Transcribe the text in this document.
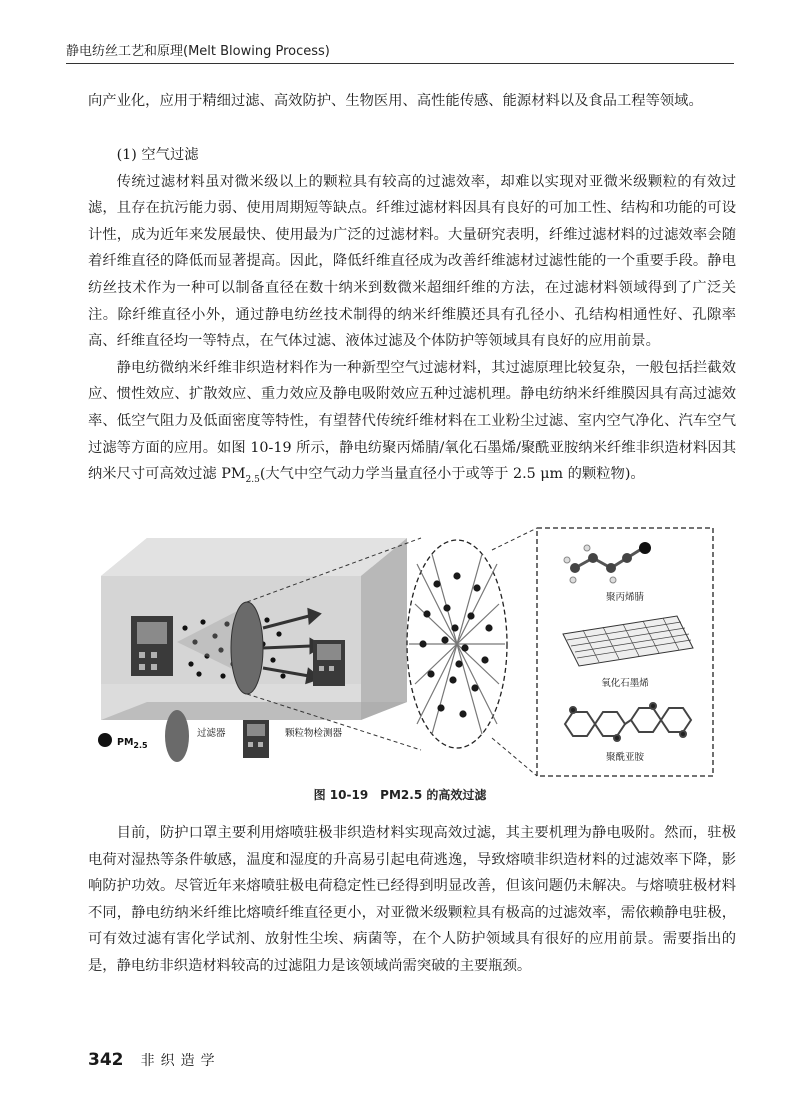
静电纺丝工艺和原理(Melt Blowing Process)

向产业化，应用于精细过滤、高效防护、生物医用、高性能传感、能源材料以及食品工程等领域。

(1) 空气过滤

传统过滤材料虽对微米级以上的颗粒具有较高的过滤效率，却难以实现对亚微米级颗粒的有效过滤，且存在抗污能力弱、使用周期短等缺点。纤维过滤材料因具有良好的可加工性、结构和功能的可设计性，成为近年来发展最快、使用最为广泛的过滤材料。大量研究表明，纤维过滤材料的过滤效率会随着纤维直径的降低而显著提高。因此，降低纤维直径成为改善纤维滤材过滤性能的一个重要手段。静电纺丝技术作为一种可以制备直径在数十纳米到数微米超细纤维的方法，在过滤材料领域得到了广泛关注。除纤维直径小外，通过静电纺丝技术制得的纳米纤维膜还具有孔径小、孔结构相通性好、孔隙率高、纤维直径均一等特点，在气体过滤、液体过滤及个体防护等领域具有良好的应用前景。

静电纺微纳米纤维非织造材料作为一种新型空气过滤材料，其过滤原理比较复杂，一般包括拦截效应、惯性效应、扩散效应、重力效应及静电吸附效应五种过滤机理。静电纺纳米纤维膜因具有高过滤效率、低空气阻力及低面密度等特性，有望替代传统纤维材料在工业粉尘过滤、室内空气净化、汽车空气过滤等方面的应用。如图 10-19 所示，静电纺聚丙烯腈/氧化石墨烯/聚酰亚胺纳米纤维非织造材料因其纳米尺寸可高效过滤 $PM_{2.5}$(大气中空气动力学当量直径小于或等于 2.5 μm 的颗粒物)。

聚丙烯腈
氧化石墨烯
聚酰亚胺
$PM_{2.5}$
过滤器	颗粒物检测器
图 10-19　PM2.5 的高效过滤

目前，防护口罩主要利用熔喷驻极非织造材料实现高效过滤，其主要机理为静电吸附。然而，驻极电荷对湿热等条件敏感，温度和湿度的升高易引起电荷逃逸，导致熔喷非织造材料的过滤效率下降，影响防护功效。尽管近年来熔喷驻极电荷稳定性已经得到明显改善，但该问题仍未解决。与熔喷驻极材料不同，静电纺纳米纤维比熔喷纤维直径更小，对亚微米级颗粒具有极高的过滤效率，需依赖静电驻极，可有效过滤有害化学试剂、放射性尘埃、病菌等，在个人防护领域具有很好的应用前景。需要指出的是，静电纺非织造材料较高的过滤阻力是该领域尚需突破的主要瓶颈。

342 非织造学
